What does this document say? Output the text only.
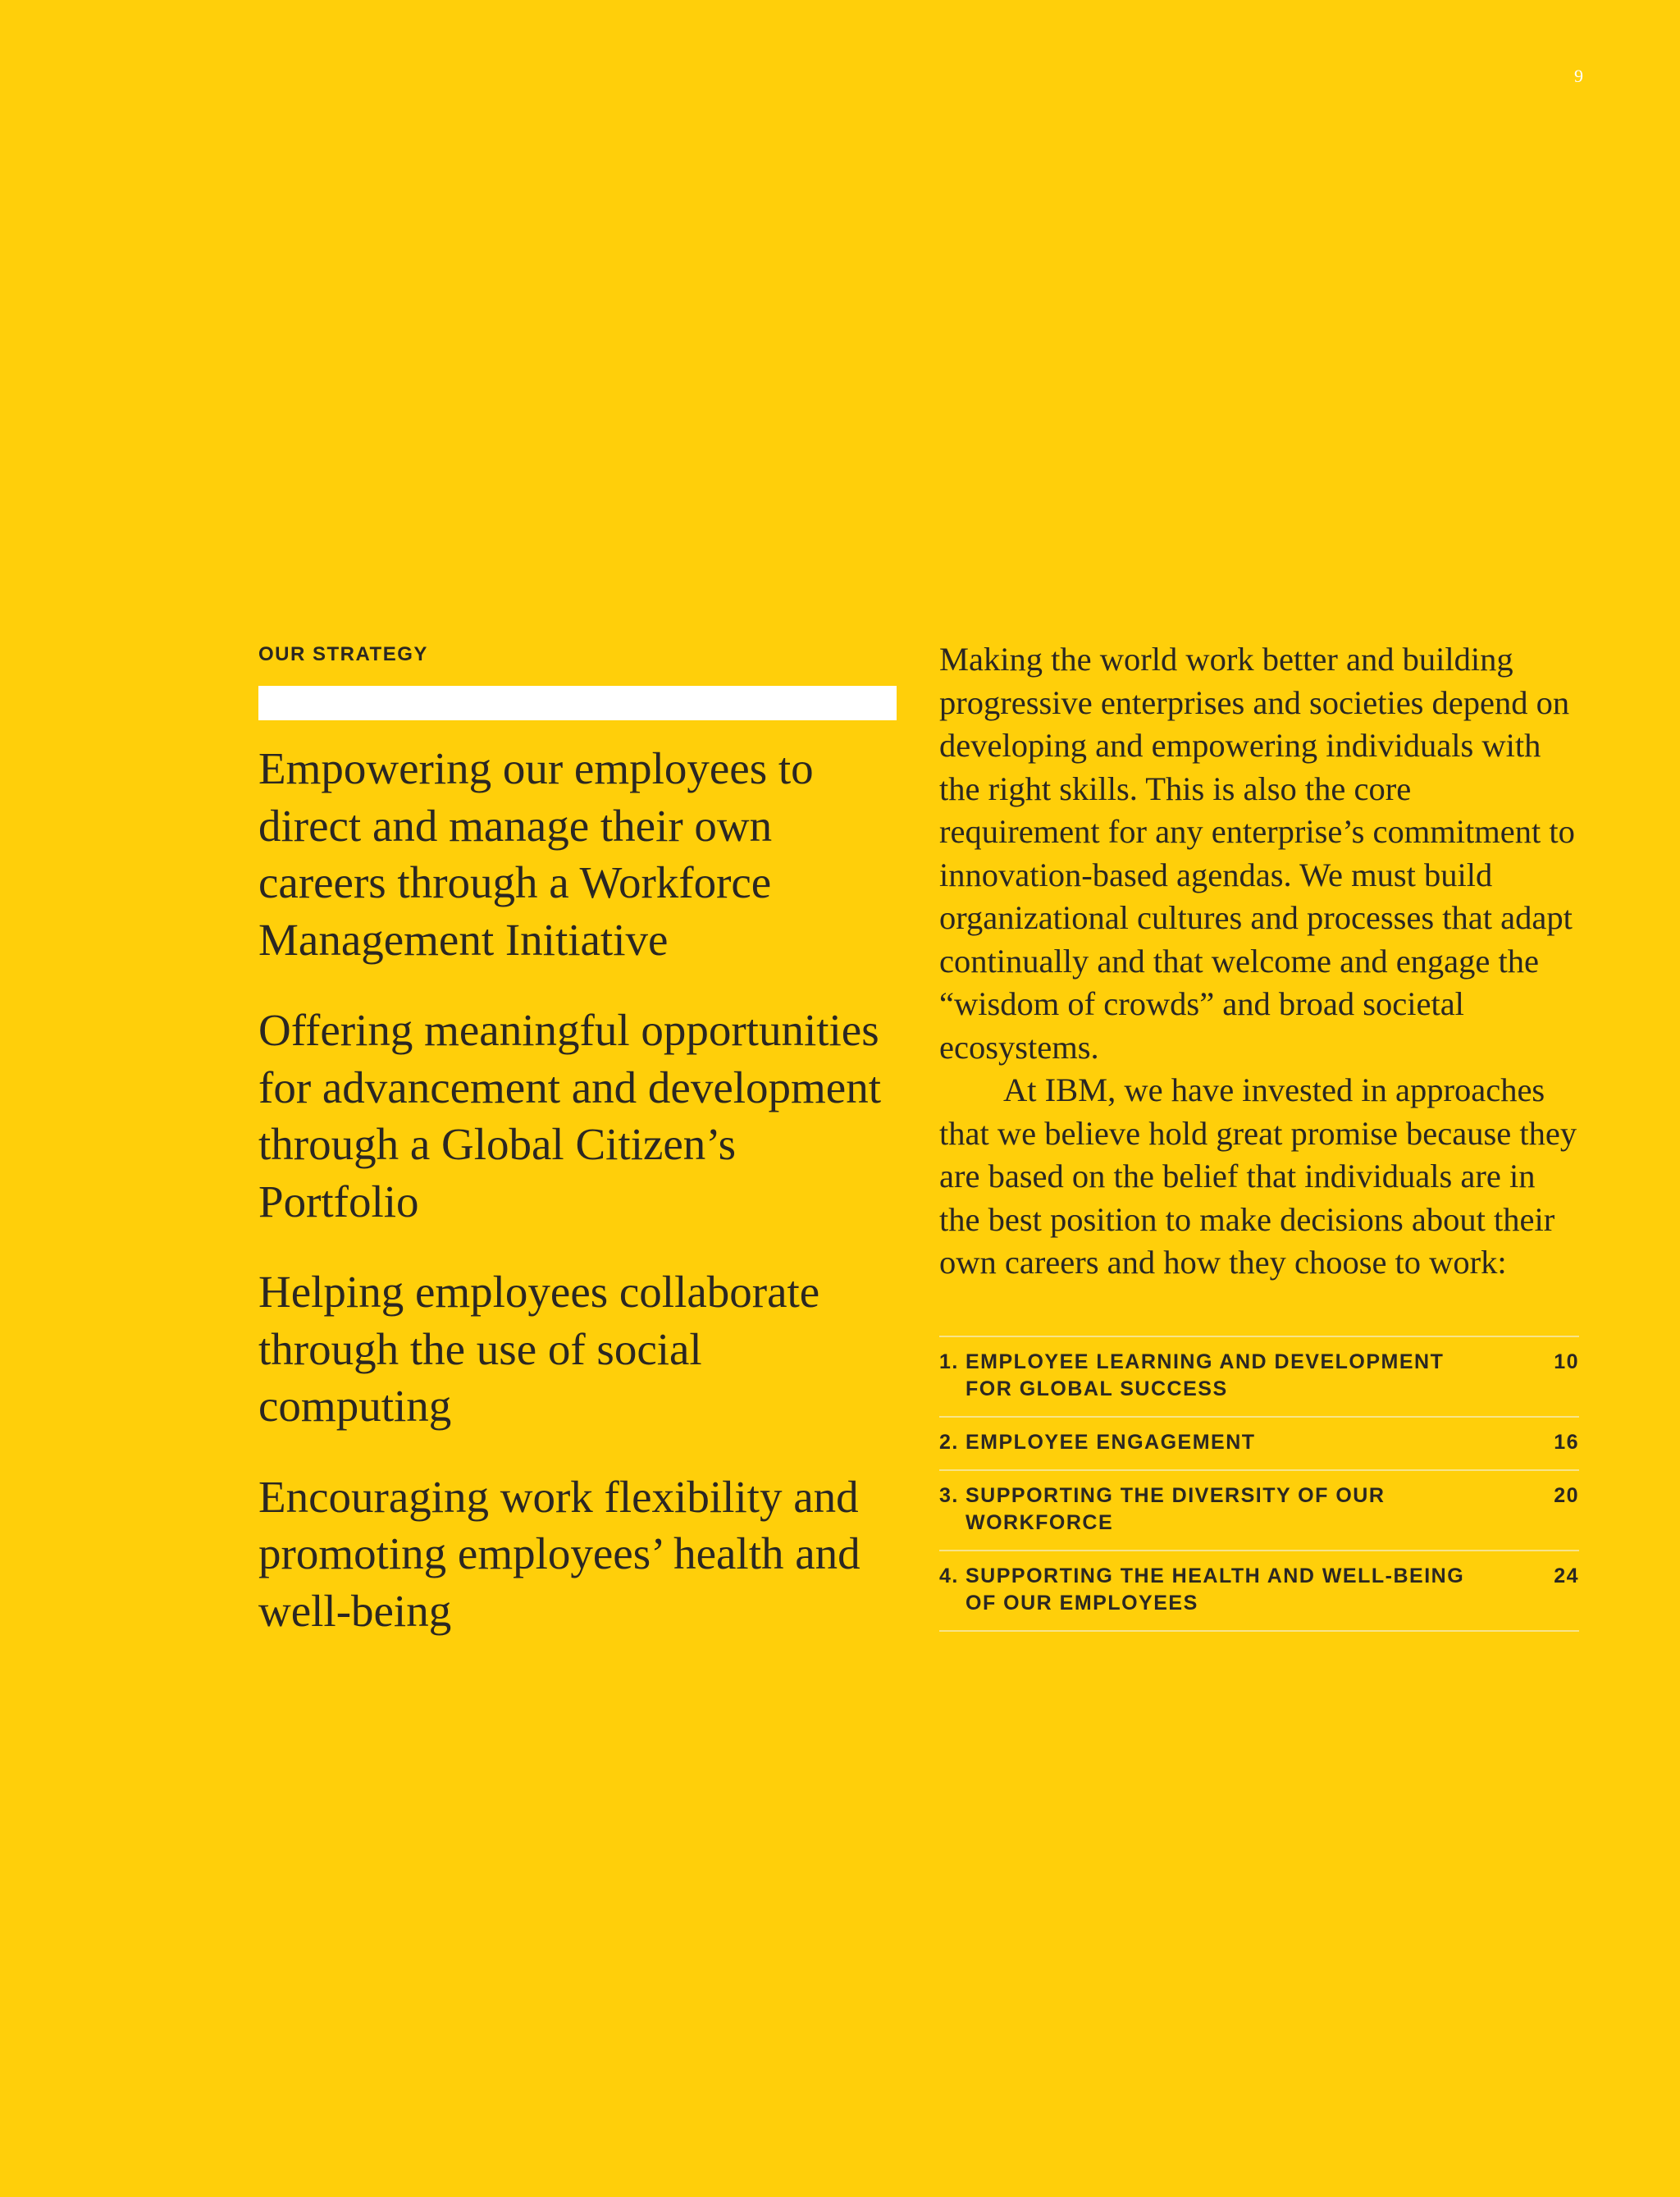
9

OUR STRATEGY

Empowering our employees to direct and manage their own careers through a Workforce Management Initiative
Offering meaningful opportunities for advancement and development through a Global Citizen’s Portfolio
Helping employees collaborate through the use of social computing
Encouraging work flexibility and promoting employees’ health and well-being

Making the world work better and building progressive enterprises and societies depend on developing and empowering individuals with the right skills. This is also the core requirement for any enterprise’s commitment to innovation-based agendas. We must build organizational cultures and processes that adapt continually and that welcome and engage the “wisdom of crowds” and broad societal ecosystems.

At IBM, we have invested in approaches that we believe hold great promise because they are based on the belief that individuals are in the best position to make decisions about their own careers and how they choose to work:

1. EMPLOYEE LEARNING AND DEVELOPMENT FOR GLOBAL SUCCESS
10
2. EMPLOYEE ENGAGEMENT	16
3. SUPPORTING THE DIVERSITY OF OUR WORKFORCE
20
4. SUPPORTING THE HEALTH AND WELL-BEING OF OUR EMPLOYEES
24
